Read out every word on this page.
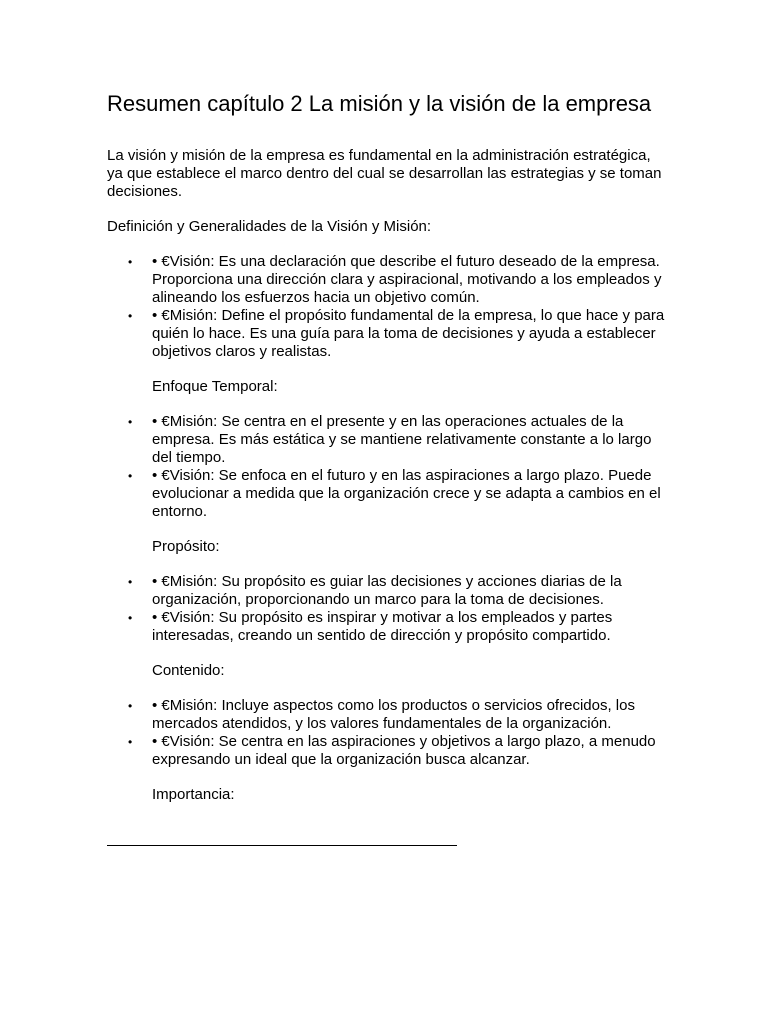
Resumen capítulo 2 La misión y la visión de la empresa

La visión y misión de la empresa es fundamental en la administración estratégica, ya que establece el marco dentro del cual se desarrollan las estrategias y se toman decisiones.

Definición y Generalidades de la Visión y Misión:

• • €Visión: Es una declaración que describe el futuro deseado de la empresa. Proporciona una dirección clara y aspiracional, motivando a los empleados y alineando los esfuerzos hacia un objetivo común.
• • €Misión: Define el propósito fundamental de la empresa, lo que hace y para quién lo hace. Es una guía para la toma de decisiones y ayuda a establecer objetivos claros y realistas.

Enfoque Temporal:

• • €Misión: Se centra en el presente y en las operaciones actuales de la empresa. Es más estática y se mantiene relativamente constante a lo largo del tiempo.
• • €Visión: Se enfoca en el futuro y en las aspiraciones a largo plazo. Puede evolucionar a medida que la organización crece y se adapta a cambios en el entorno.

Propósito:

• • €Misión: Su propósito es guiar las decisiones y acciones diarias de la organización, proporcionando un marco para la toma de decisiones.
• • €Visión: Su propósito es inspirar y motivar a los empleados y partes interesadas, creando un sentido de dirección y propósito compartido.

Contenido:

• • €Misión: Incluye aspectos como los productos o servicios ofrecidos, los mercados atendidos, y los valores fundamentales de la organización.
• • €Visión: Se centra en las aspiraciones y objetivos a largo plazo, a menudo expresando un ideal que la organización busca alcanzar.

Importancia:
